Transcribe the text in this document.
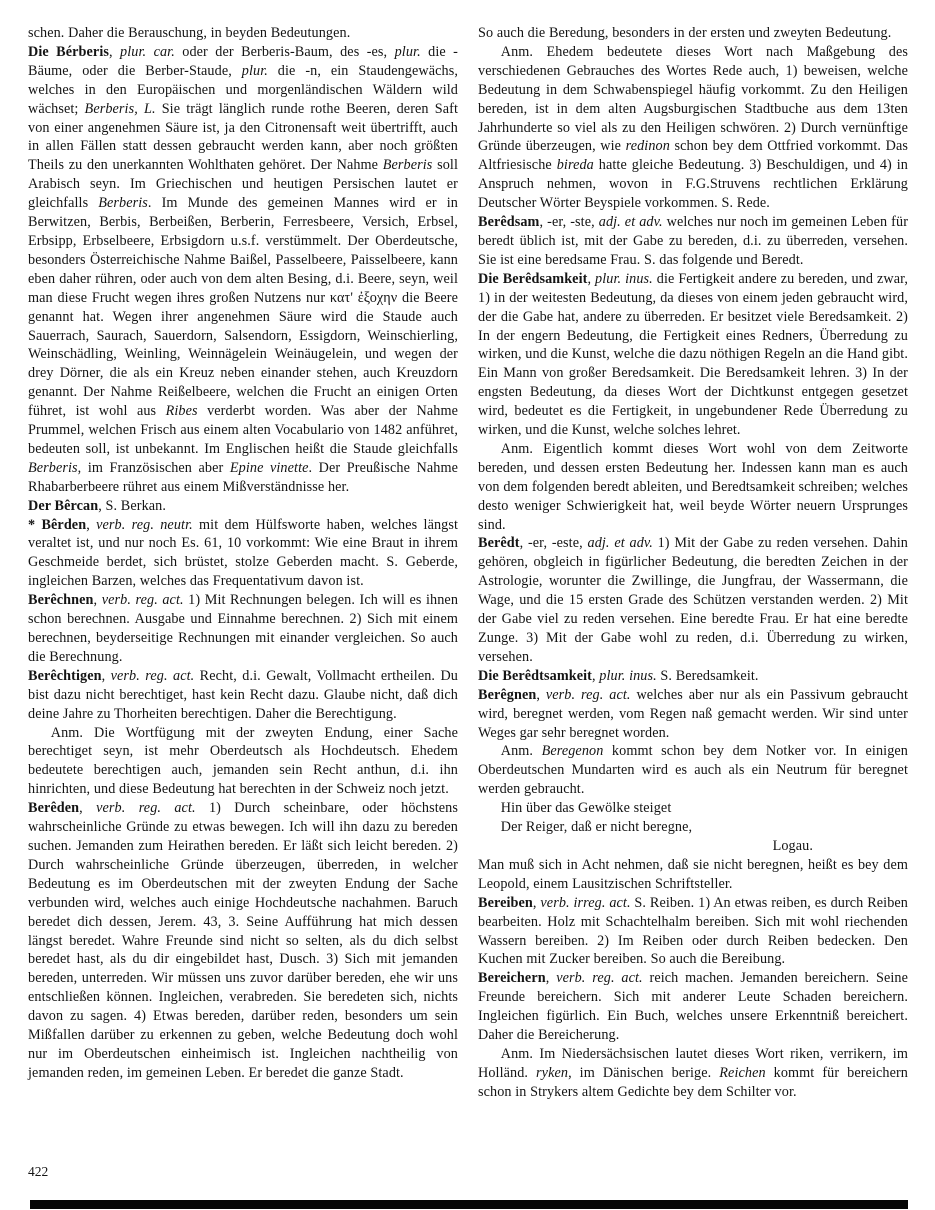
schen. Daher die Berauschung, in beyden Bedeutungen.

Die Bérberis, plur. car. oder der Berberis-Baum, des -es, plur. die -Bäume, oder die Berber-Staude, plur. die -n, ein Staudengewächs, welches in den Europäischen und morgenländischen Wäldern wild wächset; Berberis, L. Sie trägt länglich runde rothe Beeren, deren Saft von einer angenehmen Säure ist, ja den Citronensaft weit übertrifft, auch in allen Fällen statt dessen gebraucht werden kann, aber noch größten Theils zu den unerkannten Wohlthaten gehöret. Der Nahme Berberis soll Arabisch seyn. Im Griechischen und heutigen Persischen lautet er gleichfalls Berberis. Im Munde des gemeinen Mannes wird er in Berwitzen, Berbis, Berbeißen, Berberin, Ferresbeere, Versich, Erbsel, Erbsipp, Erbselbeere, Erbsigdorn u.s.f. verstümmelt. Der Oberdeutsche, besonders Österreichische Nahme Baißel, Passelbeere, Paisselbeere, kann eben daher rühren, oder auch von dem alten Besing, d.i. Beere, seyn, weil man diese Frucht wegen ihres großen Nutzens nur κατ' ἐξοχην die Beere genannt hat. Wegen ihrer angenehmen Säure wird die Staude auch Sauerrach, Saurach, Sauerdorn, Salsendorn, Essigdorn, Weinschierling, Weinschädling, Weinling, Weinnägelein Weinäugelein, und wegen der drey Dörner, die als ein Kreuz neben einander stehen, auch Kreuzdorn genannt. Der Nahme Reißelbeere, welchen die Frucht an einigen Orten führet, ist wohl aus Ribes verderbt worden. Was aber der Nahme Prummel, welchen Frisch aus einem alten Vocabulario von 1482 anführet, bedeuten soll, ist unbekannt. Im Englischen heißt die Staude gleichfalls Berberis, im Französischen aber Epine vinette. Der Preußische Nahme Rhabarberbeere rühret aus einem Mißverständnisse her.

Der Bêrcan, S. Berkan.

* Bêrden, verb. reg. neutr. mit dem Hülfsworte haben, welches längst veraltet ist, und nur noch Es. 61, 10 vorkommt: Wie eine Braut in ihrem Geschmeide berdet, sich brüstet, stolze Geberden macht. S. Geberde, ingleichen Barzen, welches das Frequentativum davon ist.

Berêchnen, verb. reg. act. 1) Mit Rechnungen belegen. Ich will es ihnen schon berechnen. Ausgabe und Einnahme berechnen. 2) Sich mit einem berechnen, beyderseitige Rechnungen mit einander vergleichen. So auch die Berechnung.

Berêchtigen, verb. reg. act. Recht, d.i. Gewalt, Vollmacht ertheilen. Du bist dazu nicht berechtiget, hast kein Recht dazu. Glaube nicht, daß dich deine Jahre zu Thorheiten berechtigen. Daher die Berechtigung.

Anm. Die Wortfügung mit der zweyten Endung, einer Sache berechtiget seyn, ist mehr Oberdeutsch als Hochdeutsch. Ehedem bedeutete berechtigen auch, jemanden sein Recht anthun, d.i. ihn hinrichten, und diese Bedeutung hat berechten in der Schweiz noch jetzt.

Berêden, verb. reg. act. 1) Durch scheinbare, oder höchstens wahrscheinliche Gründe zu etwas bewegen. Ich will ihn dazu zu bereden suchen. Jemanden zum Heirathen bereden. Er läßt sich leicht bereden. 2) Durch wahrscheinliche Gründe überzeugen, überreden, in welcher Bedeutung es im Oberdeutschen mit der zweyten Endung der Sache verbunden wird, welches auch einige Hochdeutsche nachahmen. Baruch beredet dich dessen, Jerem. 43, 3. Seine Aufführung hat mich dessen längst beredet. Wahre Freunde sind nicht so selten, als du dich selbst beredet hast, als du dir eingebildet hast, Dusch. 3) Sich mit jemanden bereden, unterreden. Wir müssen uns zuvor darüber bereden, ehe wir uns entschließen können. Ingleichen, verabreden. Sie beredeten sich, nichts davon zu sagen. 4) Etwas bereden, darüber reden, besonders um sein Mißfallen darüber zu erkennen zu geben, welche Bedeutung doch wohl nur im Oberdeutschen einheimisch ist. Ingleichen nachtheilig von jemanden reden, im gemeinen Leben. Er beredet die ganze Stadt.

So auch die Beredung, besonders in der ersten und zweyten Bedeutung.

Anm. Ehedem bedeutete dieses Wort nach Maßgebung des verschiedenen Gebrauches des Wortes Rede auch, 1) beweisen, welche Bedeutung in dem Schwabenspiegel häufig vorkommt. Zu den Heiligen bereden, ist in dem alten Augsburgischen Stadtbuche aus dem 13ten Jahrhunderte so viel als zu den Heiligen schwören. 2) Durch vernünftige Gründe überzeugen, wie redinon schon bey dem Ottfried vorkommt. Das Altfriesische bireda hatte gleiche Bedeutung. 3) Beschuldigen, und 4) in Anspruch nehmen, wovon in F.G.Struvens rechtlichen Erklärung Deutscher Wörter Beyspiele vorkommen. S. Rede.

Berêdsam, -er, -ste, adj. et adv. welches nur noch im gemeinen Leben für beredt üblich ist, mit der Gabe zu bereden, d.i. zu überreden, versehen. Sie ist eine beredsame Frau. S. das folgende und Beredt.

Die Berêdsamkeit, plur. inus. die Fertigkeit andere zu bereden, und zwar, 1) in der weitesten Bedeutung, da dieses von einem jeden gebraucht wird, der die Gabe hat, andere zu überreden. Er besitzet viele Beredsamkeit. 2) In der engern Bedeutung, die Fertigkeit eines Redners, Überredung zu wirken, und die Kunst, welche die dazu nöthigen Regeln an die Hand gibt. Ein Mann von großer Beredsamkeit. Die Beredsamkeit lehren. 3) In der engsten Bedeutung, da dieses Wort der Dichtkunst entgegen gesetzet wird, bedeutet es die Fertigkeit, in ungebundener Rede Überredung zu wirken, und die Kunst, welche solches lehret.

Anm. Eigentlich kommt dieses Wort wohl von dem Zeitworte bereden, und dessen ersten Bedeutung her. Indessen kann man es auch von dem folgenden beredt ableiten, und Beredtsamkeit schreiben; welches desto weniger Schwierigkeit hat, weil beyde Wörter neuern Ursprunges sind.

Berêdt, -er, -este, adj. et adv. 1) Mit der Gabe zu reden versehen. Dahin gehören, obgleich in figürlicher Bedeutung, die beredten Zeichen in der Astrologie, worunter die Zwillinge, die Jungfrau, der Wassermann, die Wage, und die 15 ersten Grade des Schützen verstanden werden. 2) Mit der Gabe viel zu reden versehen. Eine beredte Frau. Er hat eine beredte Zunge. 3) Mit der Gabe wohl zu reden, d.i. Überredung zu wirken, versehen.

Die Berêdtsamkeit, plur. inus. S. Beredsamkeit.

Berêgnen, verb. reg. act. welches aber nur als ein Passivum gebraucht wird, beregnet werden, vom Regen naß gemacht werden. Wir sind unter Weges gar sehr beregnet worden.

Anm. Beregenon kommt schon bey dem Notker vor. In einigen Oberdeutschen Mundarten wird es auch als ein Neutrum für beregnet werden gebraucht.

Hin über das Gewölke steiget

Der Reiger, daß er nicht beregne,

Logau.

Man muß sich in Acht nehmen, daß sie nicht beregnen, heißt es bey dem Leopold, einem Lausitzischen Schriftsteller.

Bereiben, verb. irreg. act. S. Reiben. 1) An etwas reiben, es durch Reiben bearbeiten. Holz mit Schachtelhalm bereiben. Sich mit wohl riechenden Wassern bereiben. 2) Im Reiben oder durch Reiben bedecken. Den Kuchen mit Zucker bereiben. So auch die Bereibung.

Bereichern, verb. reg. act. reich machen. Jemanden bereichern. Seine Freunde bereichern. Sich mit anderer Leute Schaden bereichern. Ingleichen figürlich. Ein Buch, welches unsere Erkenntniß bereichert. Daher die Bereicherung.

Anm. Im Niedersächsischen lautet dieses Wort riken, verrikern, im Holländ. ryken, im Dänischen berige. Reichen kommt für bereichern schon in Strykers altem Gedichte bey dem Schilter vor.

422
